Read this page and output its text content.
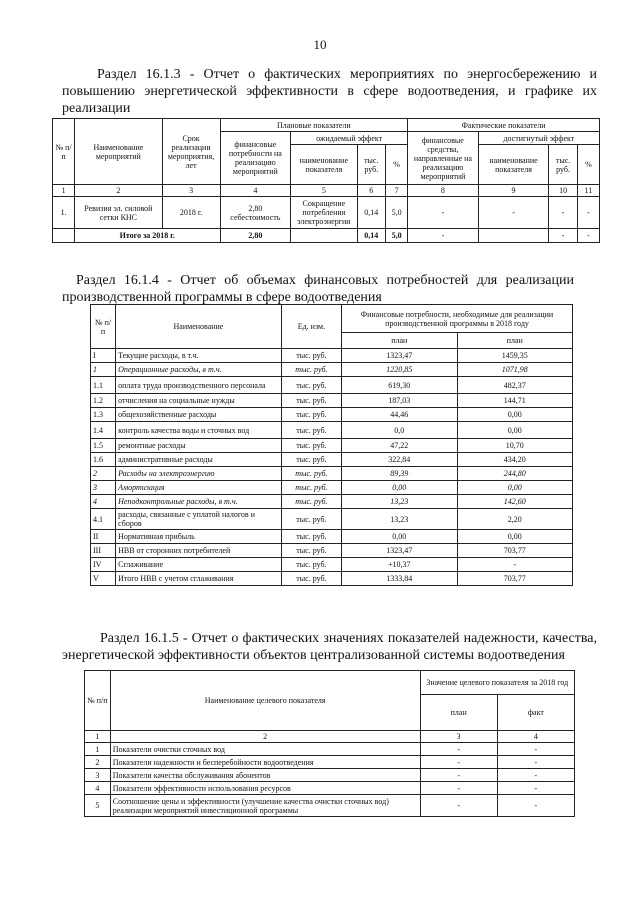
10
Раздел 16.1.3 - Отчет о фактических мероприятиях по энергосбережению и повышению энергетической эффективности в сфере водоотведения, и графике их реализации
№ п/п	Наименование мероприятий	Срок реализации мероприятия, лет	Плановые показатели				Фактические показатели			
			финансовые потребности на реализацию мероприятий	ожидаемый эффект			финансовые средства, направленные на реализацию мероприятий	достигнутый эффект		
				наименование показателя	тыс. руб.	%		наименование показателя	тыс. руб.	%
1	2	3	4	5	6	7	8	9	10	11
1.	Ревизия эл. силовой сетки КНС	2018 г.	2,80 себестоимость	Сокращение потребления электроэнергии	0,14	5,0	-	-	-	-
	Итого за 2018 г.		2,80		0,14	5,0	-		-	-
Раздел 16.1.4 - Отчет об объемах финансовых потребностей для реализации производственной программы в сфере водоотведения
№ п/п	Наименование	Ед. изм.	Финансовые потребности, необходимые для реализации производственной программы в 2018 году	
			план	план
I	Текущие расходы, в т.ч.	тыс. руб.	1323,47	1459,35
1	Операционные расходы, в т.ч.	тыс. руб.	1220,85	1071,98
1.1	оплата труда производственного персонала	тыс. руб.	619,30	482,37
1.2	отчисления на социальные нужды	тыс. руб.	187,03	144,71
1.3	общехозяйственные расходы	тыс. руб.	44,46	0,00
1.4	контроль качества воды и сточных вод	тыс. руб.	0,0	0,00
1.5	ремонтные расходы	тыс. руб.	47,22	10,70
1.6	административные расходы	тыс. руб.	322,84	434,20
2	Расходы на электроэнергию	тыс. руб.	89,39	244,80
3	Амортизация	тыс. руб.	0,00	0,00
4	Неподконтрольные расходы, в т.ч.	тыс. руб.	13,23	142,60
4.1	расходы, связанные с уплатой налогов и сборов	тыс. руб.	13,23	2,20
II	Нормативная прибыль	тыс. руб.	0,00	0,00
III	НВВ от сторонних потребителей	тыс. руб.	1323,47	703,77
IV	Сглаживание	тыс. руб.	+10,37	-
V	Итого НВВ с учетом сглаживания	тыс. руб.	1333,84	703,77
Раздел 16.1.5 - Отчет о фактических значениях показателей надежности, качества, энергетической эффективности объектов централизованной системы водоотведения
№ п/п	Наименование целевого показателя	Значение целевого показателя за 2018 год	
		план	факт
1	2	3	4
1	Показатели очистки сточных вод	-	-
2	Показатели надежности и бесперебойности водоотведения	-	-
3	Показатели качества обслуживания абонентов	-	-
4	Показатели эффективности использования ресурсов	-	-
5	Соотношение цены и эффективности (улучшение качества очистки сточных вод) реализации мероприятий инвестиционной программы	-	-
